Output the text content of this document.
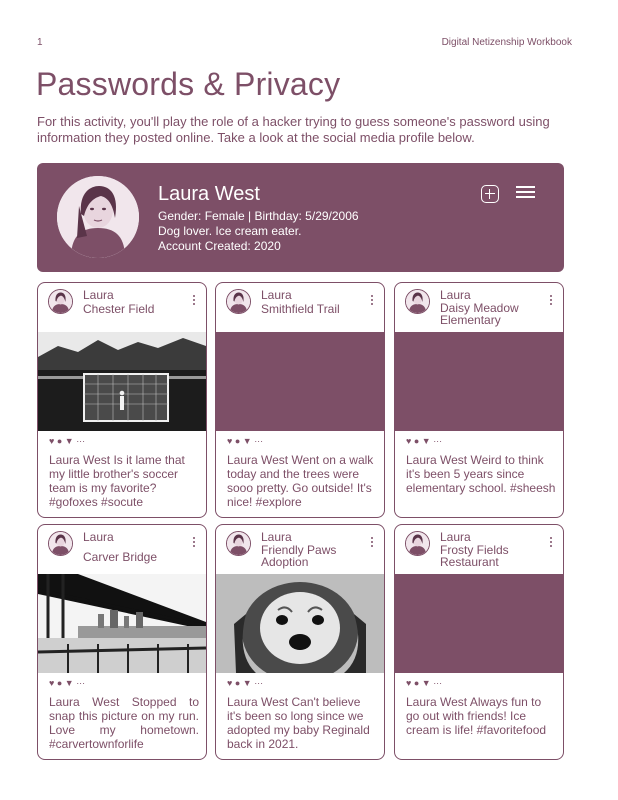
1	Digital Netizenship Workbook
Passwords & Privacy

For this activity, you'll play the role of a hacker trying to guess someone's password using information they posted online. Take a look at the social media profile below.

Laura West
Gender: Female | Birthday: 5/29/2006
Dog lover. Ice cream eater.
Account Created: 2020
Laura
Chester Field
♥ ● ▼ ···
Laura West Is it lame that my little brother's soccer team is my favorite? #gofoxes #socute
Laura
Smithfield Trail
♥ ● ▼ ···
Laura West Went on a walk today and the trees were sooo pretty. Go outside! It's nice! #explore
Laura
Daisy Meadow Elementary
♥ ● ▼ ···
Laura West Weird to think it's been 5 years since elementary school. #sheesh
Laura
Carver Bridge
♥ ● ▼ ···
Laura West Stopped to snap this picture on my run. Love my hometown. #carvertownforlife
Laura
Friendly Paws Adoption
♥ ● ▼ ···
Laura West Can't believe it's been so long since we adopted my baby Reginald back in 2021.
Laura
Frosty Fields Restaurant
♥ ● ▼ ···
Laura West Always fun to go out with friends! Ice cream is life! #favoritefood
